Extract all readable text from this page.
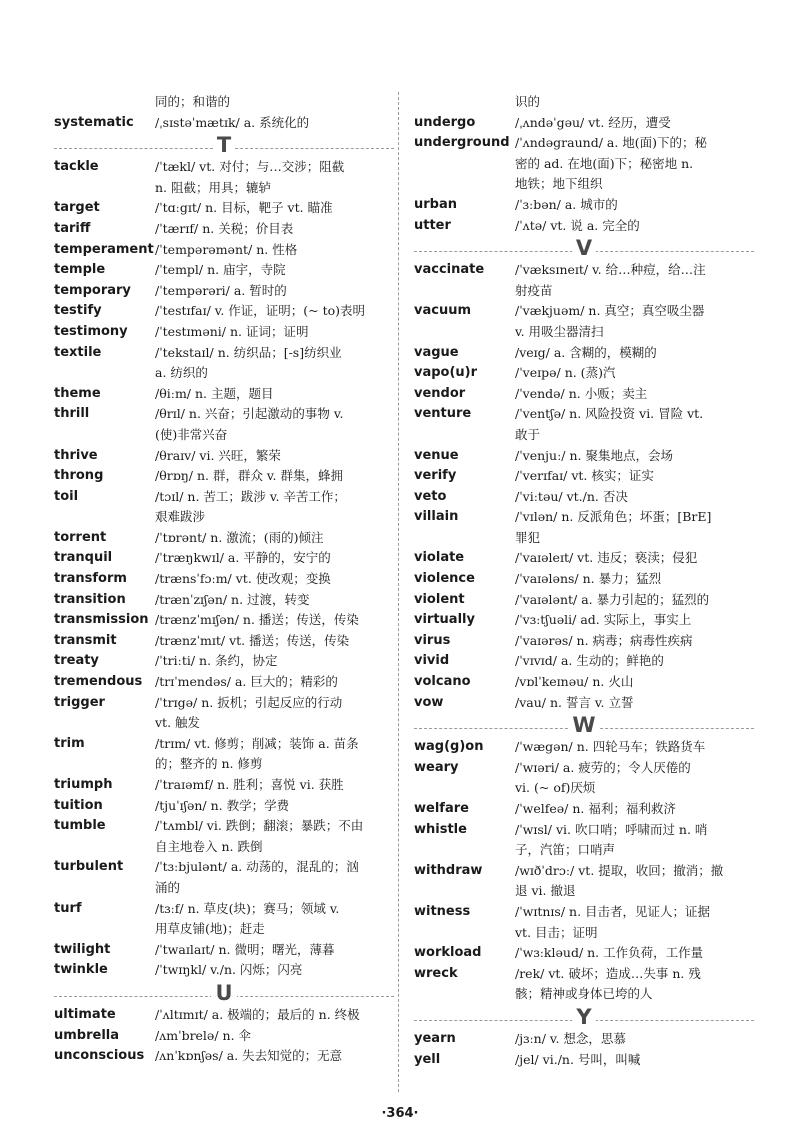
同的；和谐的
systematic	/ˌsɪstəˈmætɪk/ a. 系统化的
T
tackle	/ˈtækl/ vt. 对付；与…交涉；阻截
n. 阻截；用具；辘轳
target	/ˈtɑːgɪt/ n. 目标，靶子 vt. 瞄准
tariff	/ˈtærɪf/ n. 关税；价目表
temperament /ˈtempərəmənt/ n. 性格
temple	/ˈtempl/ n. 庙宇，寺院
temporary	/ˈtempərəri/ a. 暂时的
testify	/ˈtestɪfaɪ/ v. 作证，证明；(~ to)表明
testimony	/ˈtestɪməni/ n. 证词；证明
textile	/ˈtekstaɪl/ n. 纺织品；[-s]纺织业
a. 纺织的
theme	/θiːm/ n. 主题，题目
thrill	/θrɪl/ n. 兴奋；引起激动的事物 v.
(使)非常兴奋
thrive	/θraɪv/ vi. 兴旺，繁荣
throng	/θrɒŋ/ n. 群，群众 v. 群集，蜂拥
toil	/tɔɪl/ n. 苦工；跋涉 v. 辛苦工作；
艰难跋涉
torrent	/ˈtɒrənt/ n. 激流；(雨的)倾注
tranquil	/ˈtræŋkwɪl/ a. 平静的，安宁的
transform	/trænsˈfɔːm/ vt. 使改观；变换
transition	/trænˈzɪʃən/ n. 过渡，转变
transmission /trænzˈmɪʃən/ n. 播送；传送，传染
transmit	/trænzˈmɪt/ vt. 播送；传送，传染
treaty	/ˈtriːti/ n. 条约，协定
tremendous	/trɪˈmendəs/ a. 巨大的；精彩的
trigger	/ˈtrɪgə/ n. 扳机；引起反应的行动
vt. 触发
trim	/trɪm/ vt. 修剪；削减；装饰 a. 苗条
的；整齐的 n. 修剪
triumph	/ˈtraɪəmf/ n. 胜利；喜悦 vi. 获胜
tuition	/tjuˈɪʃən/ n. 教学；学费
tumble	/ˈtʌmbl/ vi. 跌倒；翻滚；暴跌；不由
自主地卷入 n. 跌倒
turbulent	/ˈtɜːbjulənt/ a. 动荡的，混乱的；汹
涌的
turf	/tɜːf/ n. 草皮(块)；赛马；领域 v.
用草皮铺(地)；赶走
twilight	/ˈtwaɪlaɪt/ n. 微明；曙光，薄暮
twinkle	/ˈtwɪŋkl/ v./n. 闪烁；闪亮
U
ultimate	/ˈʌltɪmɪt/ a. 极端的；最后的 n. 终极
umbrella	/ʌmˈbrelə/ n. 伞
unconscious /ʌnˈkɒnʃəs/ a. 失去知觉的；无意
识的
undergo	/ˌʌndəˈgəu/ vt. 经历，遭受
underground /ˈʌndəgraund/ a. 地(面)下的；秘
密的 ad. 在地(面)下；秘密地 n.
地铁；地下组织
urban	/ˈɜːbən/ a. 城市的
utter	/ˈʌtə/ vt. 说 a. 完全的
V
vaccinate	/ˈvæksɪneɪt/ v. 给…种痘，给…注
射疫苗
vacuum	/ˈvækjuəm/ n. 真空；真空吸尘器
v. 用吸尘器清扫
vague	/veɪg/ a. 含糊的，模糊的
vapo(u)r	/ˈveɪpə/ n. (蒸)汽
vendor	/ˈvendə/ n. 小贩；卖主
venture	/ˈventʃə/ n. 风险投资 vi. 冒险 vt.
敢于
venue	/ˈvenjuː/ n. 聚集地点，会场
verify	/ˈverɪfaɪ/ vt. 核实；证实
veto	/ˈviːtəu/ vt./n. 否决
villain	/ˈvɪlən/ n. 反派角色；坏蛋；[BrE]
罪犯
violate	/ˈvaɪəleɪt/ vt. 违反；亵渎；侵犯
violence	/ˈvaɪələns/ n. 暴力；猛烈
violent	/ˈvaɪələnt/ a. 暴力引起的；猛烈的
virtually	/ˈvɜːtʃuəli/ ad. 实际上，事实上
virus	/ˈvaɪərəs/ n. 病毒；病毒性疾病
vivid	/ˈvɪvɪd/ a. 生动的；鲜艳的
volcano	/vɒlˈkeɪnəu/ n. 火山
vow	/vau/ n. 誓言 v. 立誓
W
wag(g)on	/ˈwægən/ n. 四轮马车；铁路货车
weary	/ˈwɪəri/ a. 疲劳的；令人厌倦的
vi. (~ of)厌烦
welfare	/ˈwelfeə/ n. 福利；福利救济
whistle	/ˈwɪsl/ vi. 吹口哨；呼啸而过 n. 哨
子，汽笛；口哨声
withdraw	/wɪðˈdrɔː/ vt. 提取，收回；撤消；撤
退 vi. 撤退
witness	/ˈwɪtnɪs/ n. 目击者，见证人；证据
vt. 目击；证明
workload	/ˈwɜːkləud/ n. 工作负荷，工作量
wreck	/rek/ vt. 破坏；造成…失事 n. 残
骸；精神或身体已垮的人
Y
yearn	/jɜːn/ v. 想念，思慕
yell	/jel/ vi./n. 号叫，叫喊
·364·
